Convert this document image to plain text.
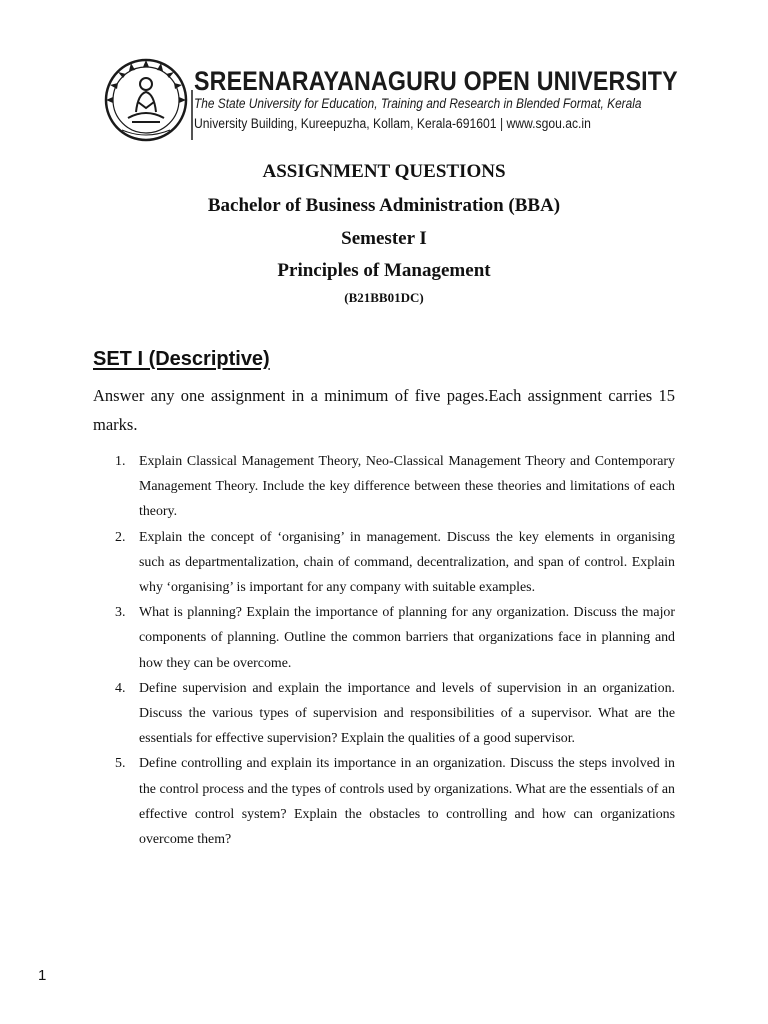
SREENARAYANAGURU OPEN UNIVERSITY
The State University for Education, Training and Research in Blended Format, Kerala
University Building, Kureepuzha, Kollam, Kerala-691601 | www.sgou.ac.in
ASSIGNMENT QUESTIONS
Bachelor of Business Administration (BBA)
Semester I
Principles of Management
(B21BB01DC)
SET I (Descriptive)
Answer any one assignment in a minimum of five pages.Each assignment carries 15 marks.
1. Explain Classical Management Theory, Neo-Classical Management Theory and Contemporary Management Theory. Include the key difference between these theories and limitations of each theory.
2. Explain the concept of ‘organising’ in management. Discuss the key elements in organising such as departmentalization, chain of command, decentralization, and span of control. Explain why ‘organising’ is important for any company with suitable examples.
3. What is planning? Explain the importance of planning for any organization. Discuss the major components of planning. Outline the common barriers that organizations face in planning and how they can be overcome.
4. Define supervision and explain the importance and levels of supervision in an organization. Discuss the various types of supervision and responsibilities of a supervisor. What are the essentials for effective supervision? Explain the qualities of a good supervisor.
5. Define controlling and explain its importance in an organization. Discuss the steps involved in the control process and the types of controls used by organizations. What are the essentials of an effective control system? Explain the obstacles to controlling and how can organizations overcome them?
1
